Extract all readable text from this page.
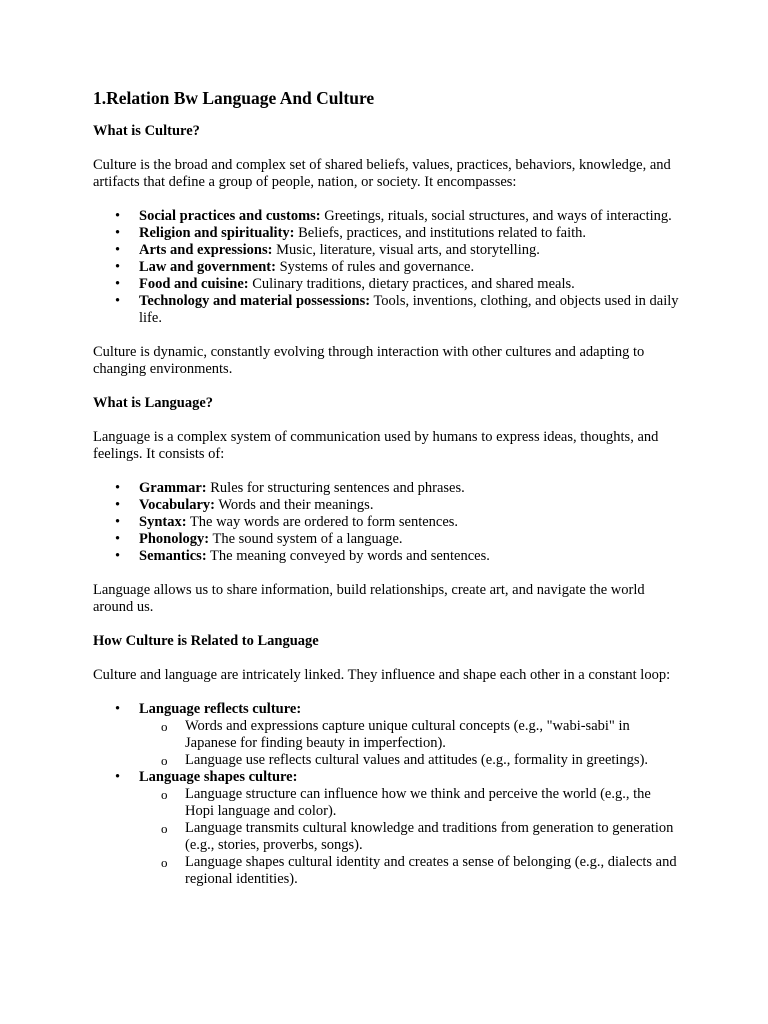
1.Relation Bw Language And Culture
What is Culture?

Culture is the broad and complex set of shared beliefs, values, practices, behaviors, knowledge, and artifacts that define a group of people, nation, or society. It encompasses:

• Social practices and customs: Greetings, rituals, social structures, and ways of interacting.
• Religion and spirituality: Beliefs, practices, and institutions related to faith.
• Arts and expressions: Music, literature, visual arts, and storytelling.
• Law and government: Systems of rules and governance.
• Food and cuisine: Culinary traditions, dietary practices, and shared meals.
• Technology and material possessions: Tools, inventions, clothing, and objects used in daily life.

Culture is dynamic, constantly evolving through interaction with other cultures and adapting to changing environments.

What is Language?

Language is a complex system of communication used by humans to express ideas, thoughts, and feelings. It consists of:

• Grammar: Rules for structuring sentences and phrases.
• Vocabulary: Words and their meanings.
• Syntax: The way words are ordered to form sentences.
• Phonology: The sound system of a language.
• Semantics: The meaning conveyed by words and sentences.

Language allows us to share information, build relationships, create art, and navigate the world around us.

How Culture is Related to Language

Culture and language are intricately linked. They influence and shape each other in a constant loop:

• Language reflects culture:
o Words and expressions capture unique cultural concepts (e.g., "wabi-sabi" in Japanese for finding beauty in imperfection).
o Language use reflects cultural values and attitudes (e.g., formality in greetings).
• Language shapes culture:
o Language structure can influence how we think and perceive the world (e.g., the Hopi language and color).
o Language transmits cultural knowledge and traditions from generation to generation (e.g., stories, proverbs, songs).
o Language shapes cultural identity and creates a sense of belonging (e.g., dialects and regional identities).
